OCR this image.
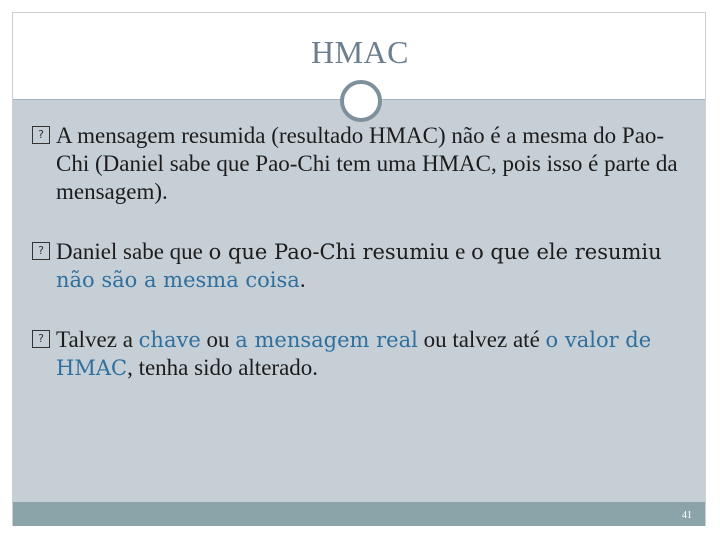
HMAC

? A mensagem resumida (resultado HMAC) não é a mesma do Pao-Chi (Daniel sabe que Pao-Chi tem uma HMAC, pois isso é parte da mensagem).

? Daniel sabe que o que Pao-Chi resumiu e o que ele resumiu não são a mesma coisa.

? Talvez a chave ou a mensagem real ou talvez até o valor de HMAC, tenha sido alterado.

41
